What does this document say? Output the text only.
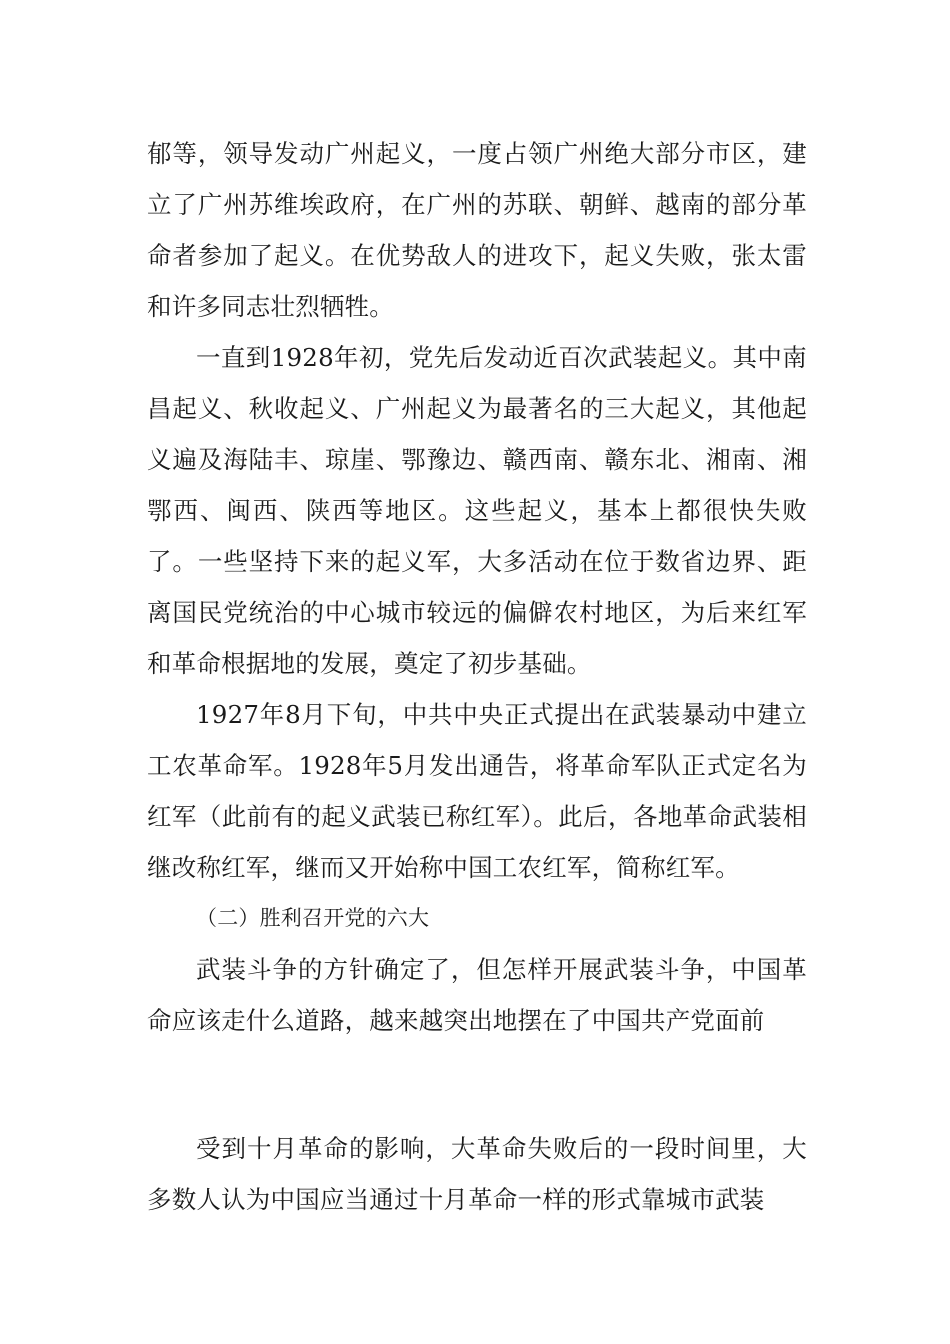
郁等，领导发动广州起义，一度占领广州绝大部分市区，建立了广州苏维埃政府，在广州的苏联、朝鲜、越南的部分革命者参加了起义。在优势敌人的进攻下，起义失败，张太雷和许多同志壮烈牺牲。

一直到1928年初，党先后发动近百次武装起义。其中南昌起义、秋收起义、广州起义为最著名的三大起义，其他起义遍及海陆丰、琼崖、鄂豫边、赣西南、赣东北、湘南、湘鄂西、闽西、陕西等地区。这些起义，基本上都很快失败了。一些坚持下来的起义军，大多活动在位于数省边界、距离国民党统治的中心城市较远的偏僻农村地区，为后来红军和革命根据地的发展，奠定了初步基础。

1927年8月下旬，中共中央正式提出在武装暴动中建立工农革命军。1928年5月发出通告，将革命军队正式定名为红军（此前有的起义武装已称红军）。此后，各地革命武装相继改称红军，继而又开始称中国工农红军，简称红军。

（二）胜利召开党的六大

武装斗争的方针确定了，但怎样开展武装斗争，中国革命应该走什么道路，越来越突出地摆在了中国共产党面前

受到十月革命的影响，大革命失败后的一段时间里，大多数人认为中国应当通过十月革命一样的形式靠城市武装
